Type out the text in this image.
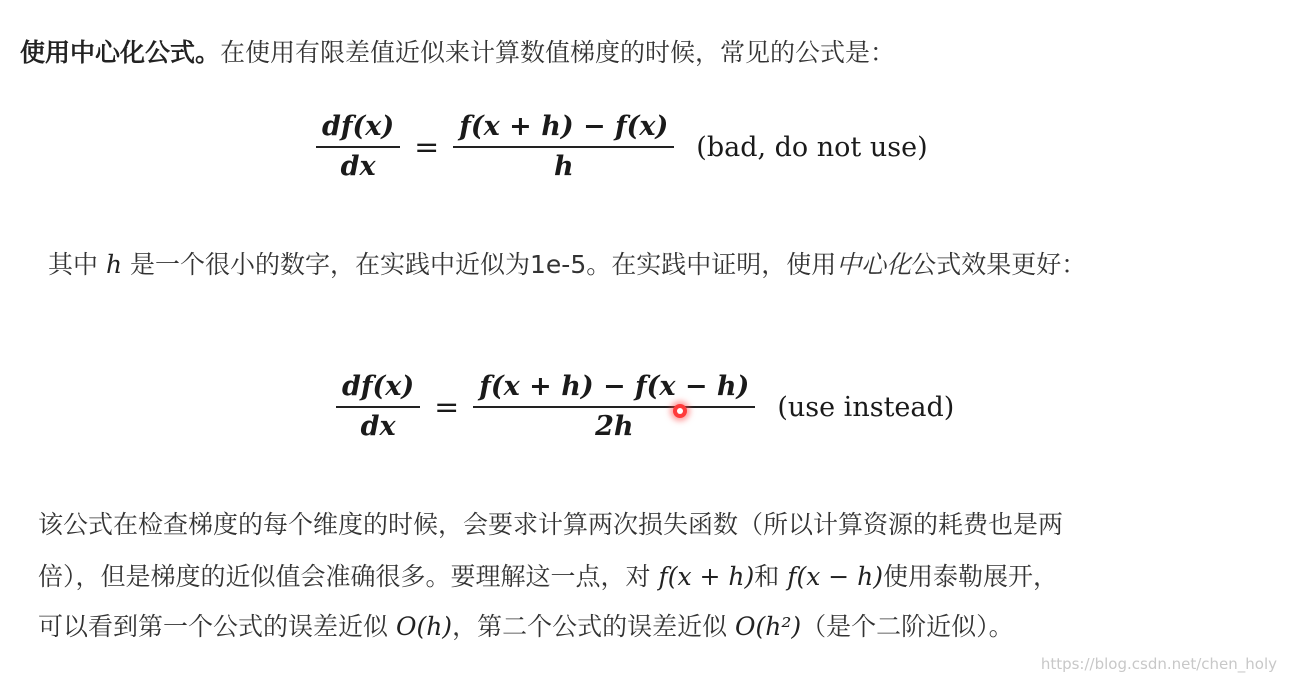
使用中心化公式。在使用有限差值近似来计算数值梯度的时候，常见的公式是：
$\frac{df(x)}{dx} = \frac{f(x + h) - f(x)}{h} (bad$, do not use)
其中 h 是一个很小的数字，在实践中近似为1e-5。在实践中证明，使用中心化公式效果更好：
$\frac{df(x)}{dx} = \frac{f(x + h) - f(x - h)}{2h} (use$ instead)
该公式在检查梯度的每个维度的时候，会要求计算两次损失函数（所以计算资源的耗费也是两
倍），但是梯度的近似值会准确很多。要理解这一点，对 f(x + h)和 f(x − h)使用泰勒展开，
可以看到第一个公式的误差近似 O(h)，第二个公式的误差近似 O(h²)（是个二阶近似）。
https://blog.csdn.net/chen_holy
